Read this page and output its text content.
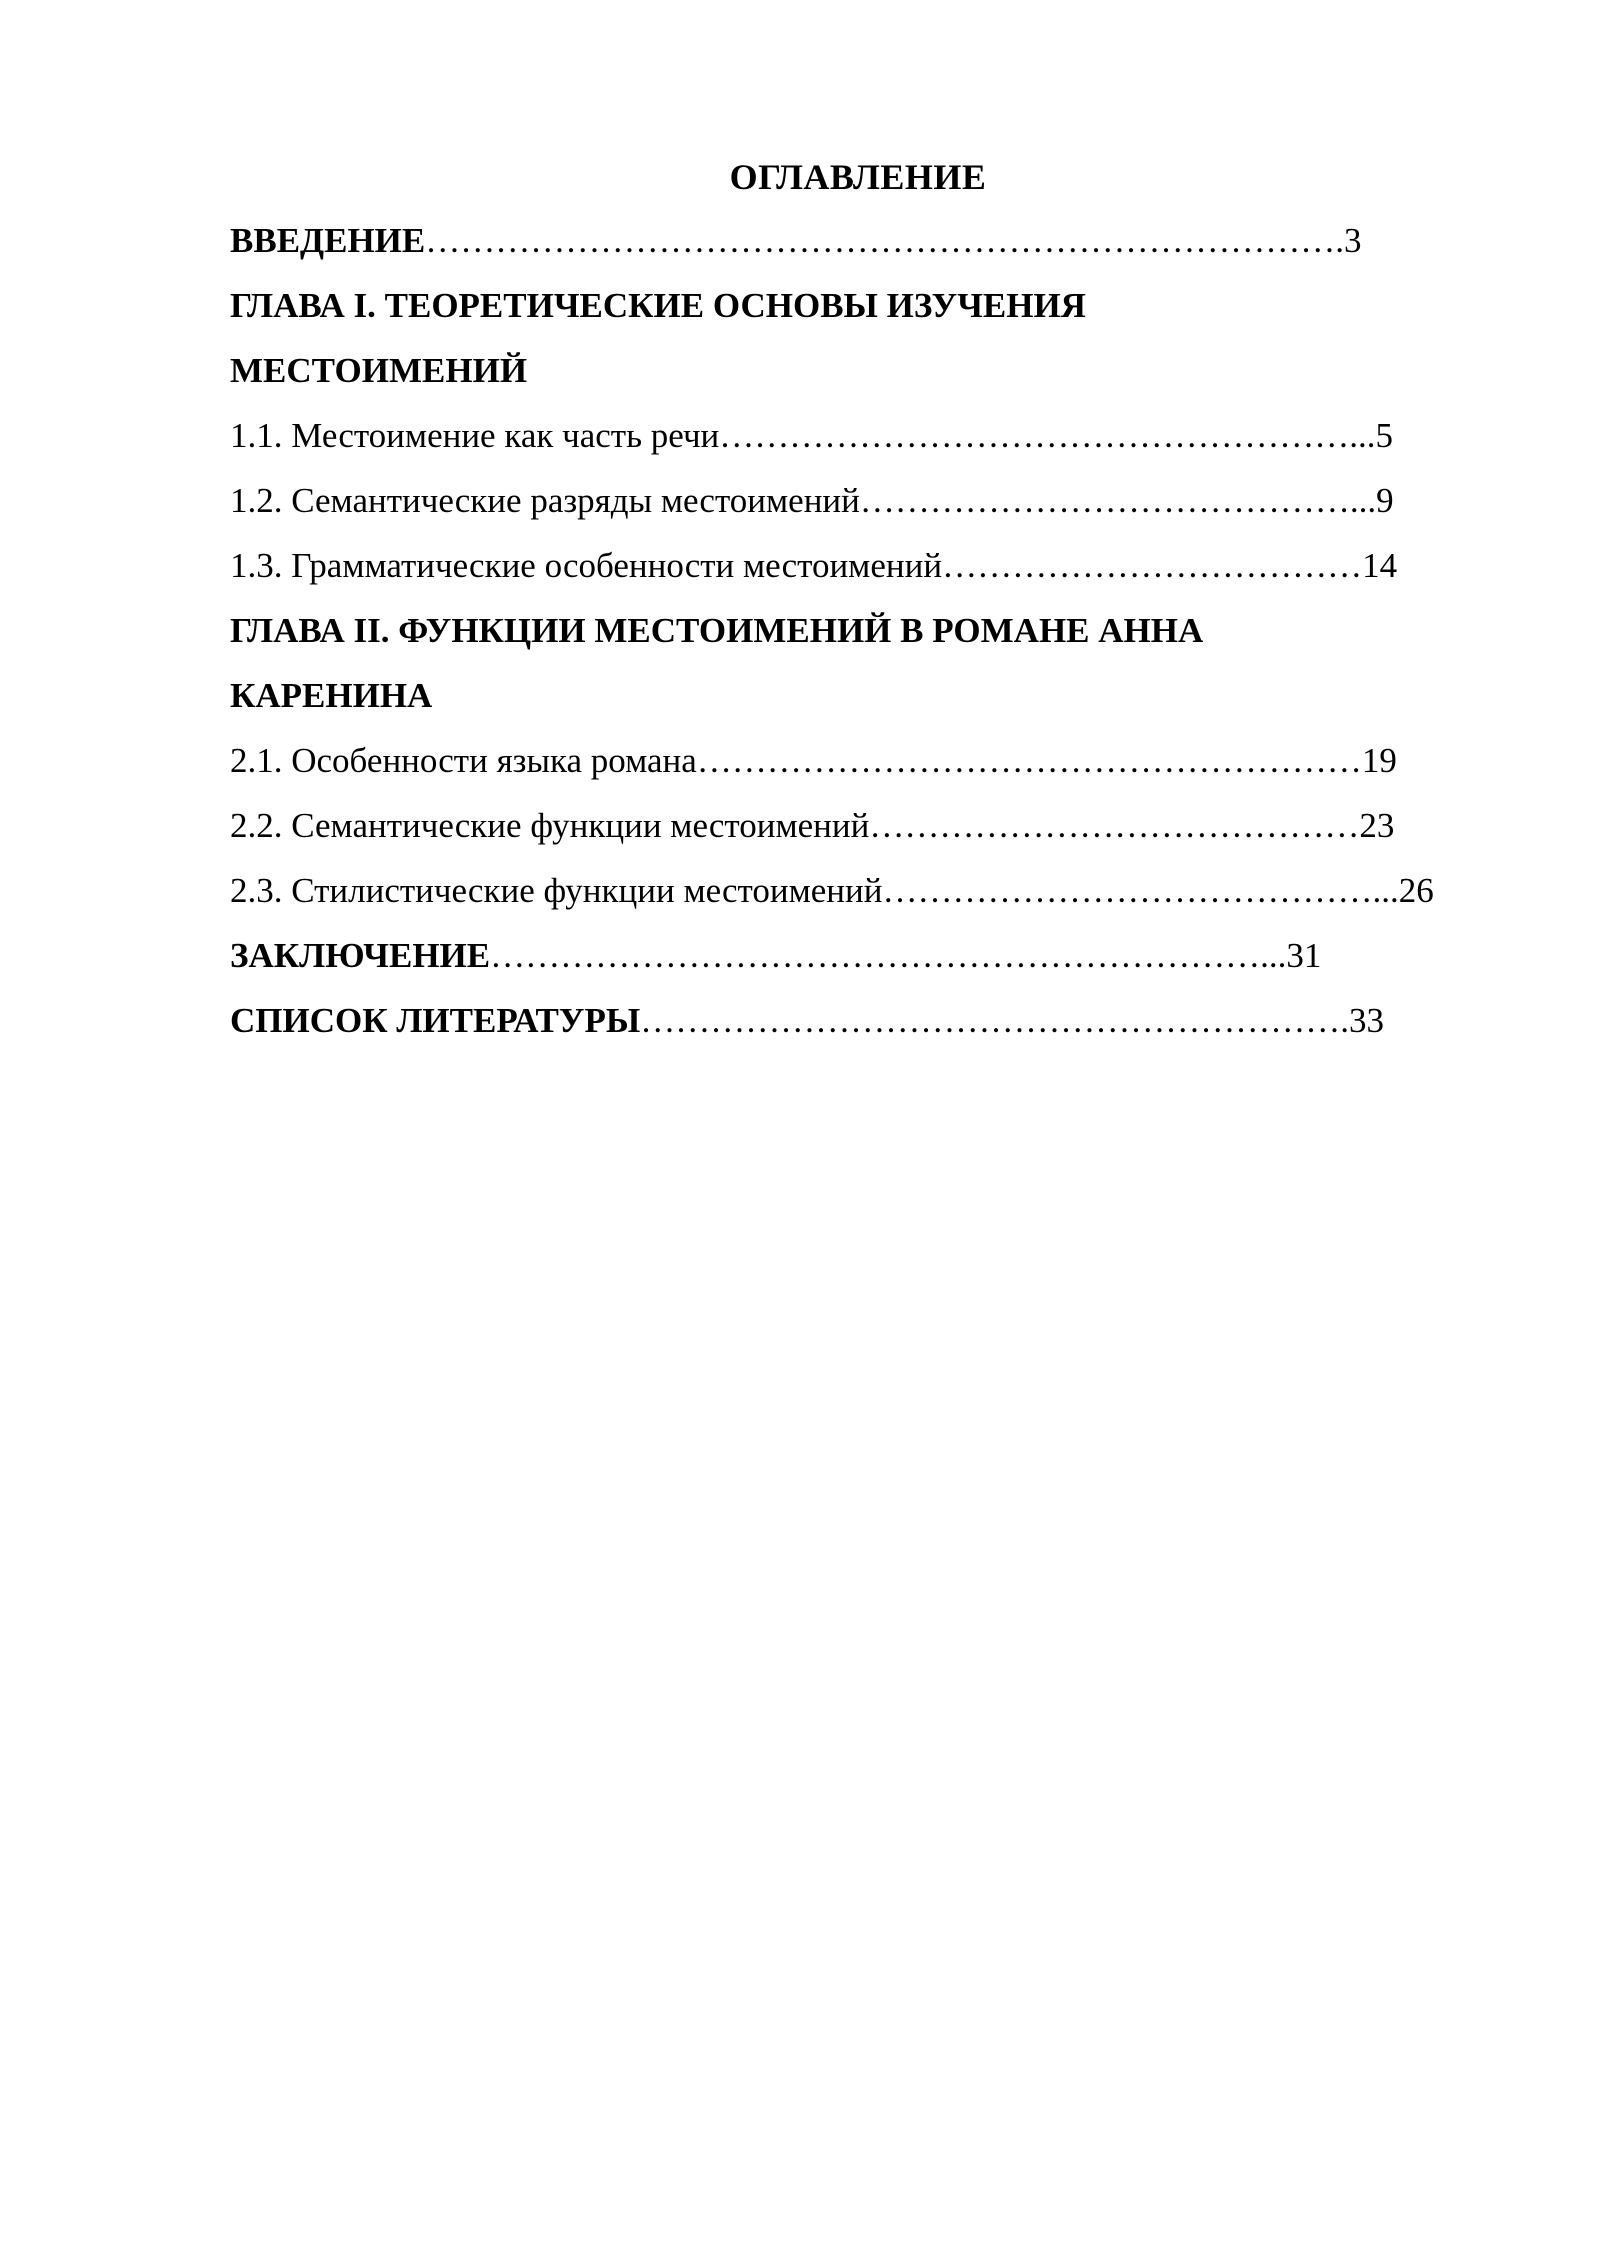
ОГЛАВЛЕНИЕ
ВВЕДЕНИЕ…………………………………………………………………….3
ГЛАВА I. ТЕОРЕТИЧЕСКИЕ ОСНОВЫ ИЗУЧЕНИЯ
МЕСТОИМЕНИЙ
1.1. Местоимение как часть речи………………………………………………...5
1.2. Семантические разряды местоимений……………………………………...9
1.3. Грамматические особенности местоимений………………………………14
ГЛАВА II. ФУНКЦИИ МЕСТОИМЕНИЙ В РОМАНЕ АННА
КАРЕНИНА
2.1. Особенности языка романа…………………………………………………19
2.2. Семантические функции местоимений……………………………………23
2.3. Стилистические функции местоимений……………………………………...26
ЗАКЛЮЧЕНИЕ…………………………………………………………...31
СПИСОК ЛИТЕРАТУРЫ…………………………………………………….33
